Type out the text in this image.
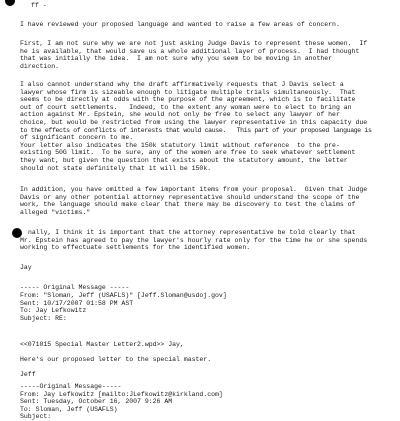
ff -
I have reviewed your proposed language and wanted to raise a few areas of concern.
First, I am not sure why we are not just asking Judge Davis to represent these women.  If
he is available, that would save us a whole additional layer of process.  I had thought
that was initially the idea.  I am not sure why you seem to be moving in another
direction.
I also cannot understand why the draft affirmatively requests that J Davis select a
lawyer whose firm is sizeable enough to litigate multiple trials simultaneously.  That
seems to be directly at odds with the purpose of the agreement, which is to facilitate
out of court settlements.   Indeed, to the extent any woman were to elect to bring an
action against Mr. Epstein, she would not only be free to select any lawyer of her
choice, but would be restricted from using the lawyer representative in this capacity due
to the effects of conflicts of interests that would cause.   This part of your proposed language is
of significant concern to me.
Your letter also indicates the 150k statutory limit without reference  to the pre-
existing 50G limit.  To be sure, any of the women are free to seek whatever settlement
they want, but given the question that exists about the statutory amount, the letter
should not state definitely that it will be 150k.
In addition, you have omitted a few important items from your proposal.  Given that Judge
Davis or any other potential attorney representative should understand the scope of the
work, the language should make clear that there may be discovery to test the claims of
alleged "victims."
nally, I think it is important that the attorney representative be told clearly that
Mr. Epstein has agreed to pay the lawyer's hourly rate only for the time he or she spends
working to effectuate settlements for the identified women.
Jay
----- Original Message -----
From: "Sloman, Jeff (USAFLS)" [Jeff.Sloman@usdoj.gov]
Sent: 10/17/2007 01:58 PM AST
To: Jay Lefkowitz
Subject: RE:
<<071015 Special Master Letter2.wpd>> Jay,
Here's our proposed letter to the special master.
Jeff
-----Original Message-----
From: Jay Lefkowitz [mailto:JLefkowitz@kirkland.com]
Sent: Tuesday, October 16, 2007 9:26 AM
To: Sloman, Jeff (USAFLS)
Subject:
